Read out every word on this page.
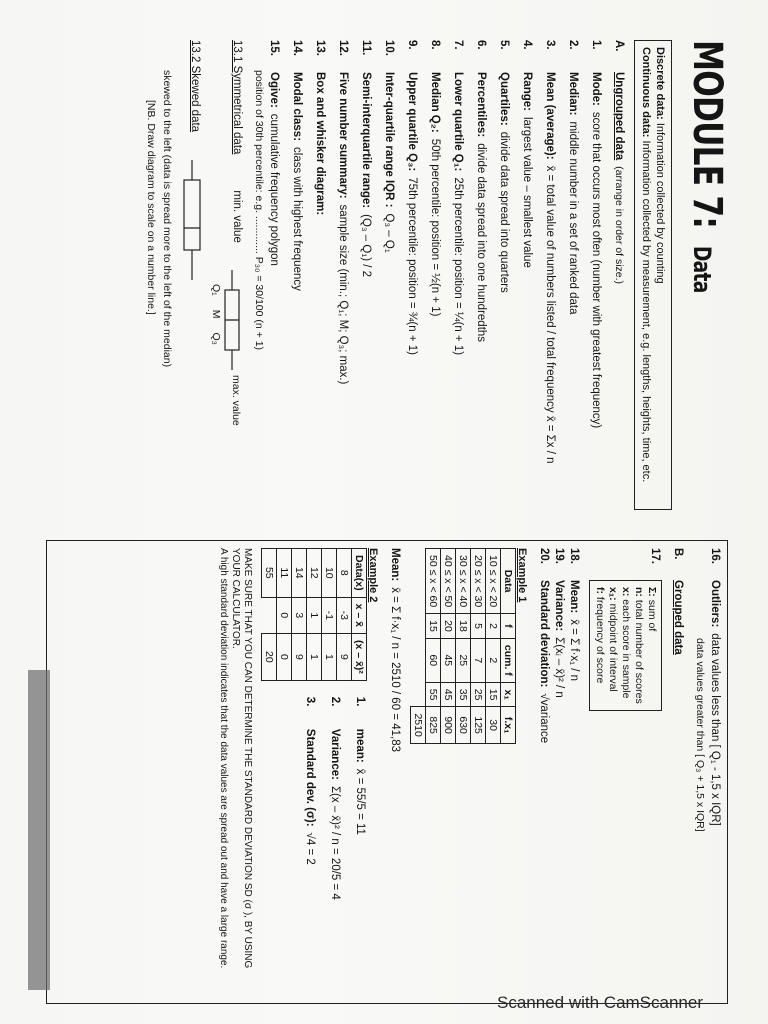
MODULE 7: Data
Discrete data: Information collected by counting
Continuous data: Information collected by measurement, e.g. lengths, heights, time, etc.
A.
Ungrouped data
(arrange in order of size.)
1.
Mode:
score that occurs most often (number with greatest frequency)
2.
Median:
middle number in a set of ranked data
3.
Mean (average):
x̄ = total value of numbers listed / total frequency x̄ = Σx / n
4.
Range:
largest value – smallest value
5.
Quartiles:
divide data spread into quarters
6.
Percentiles:
divide data spread into one hundredths
7.
Lower quartile Q₁:
25th percentile: position = ¼(n + 1)
8.
Median Q₂:
50th percentile: position = ½(n + 1)
9.
Upper quartile Q₃:
75th percentile: position = ¾(n + 1)
10.
Inter-quartile range IQR :
Q₃ – Q₁
11.
Semi-interquartile range:
(Q₃ – Q₁) / 2
12.
Five number summary:
sample size (min.; Q₁; M; Q₃; max.)
13.
Box and whisker diagram:
14.
Modal class:
class with highest frequency
15.
Ogive:
cumulative frequency polygon
position of 30th percentile: e.g. ............. P₃₀ = 30/100 (n + 1)
13.1 Symmetrical data
min. value
max. value
Q₁
M
Q₃
13.2 Skewed data
skewed to the left (data is spread more to the left of the median)
[NB. Draw diagram to scale on a number line.]
16.
Outliers:
data values less than [ Q₁ - 1,5 x IQR]
data values greater than [ Q₃ + 1,5 x IQR]
B.
Grouped data
17.
Σ: sum of
n: total number of scores
x: each score in sample
x₁: midpoint of interval
f: frequency of score
18.
Mean:
x̄ = Σ f·x₁ / n
19.
Variance:
Σ(xᵢ – x̄)² / n
20.
Standard deviation:
√variance
Example 1
Data	f	cum. f	x₁	f.x₁
10 ≤ x < 20	2	2	15	30
20 ≤ x < 30	5	7	25	125
30 ≤ x < 40	18	25	35	630
40 ≤ x < 50	20	45	45	900
50 ≤ x < 60	15	60	55	825
				2510
Mean:
x̄ = Σ f·x₁ / n = 2510 / 60 = 41,83
Example 2
Data(x)	x – x̄	(x – x̄)²
8	-3	9
10	-1	1
12	1	1
14	3	9
11	0	0
55		20
1.
mean:
x̄ = 55/5 = 11
2.
Variance:
Σ(x – x̄)² / n = 20/5 = 4
3.
Standard dev. (σ):
√4 = 2
MAKE SURE THAT YOU CAN DETERMINE THE STANDARD DEVIATION SD (σ ), BY USING YOUR CALCULATOR.
A high standard deviation indicates that the data values are spread out and have a large range.
Scanned with CamScanner
